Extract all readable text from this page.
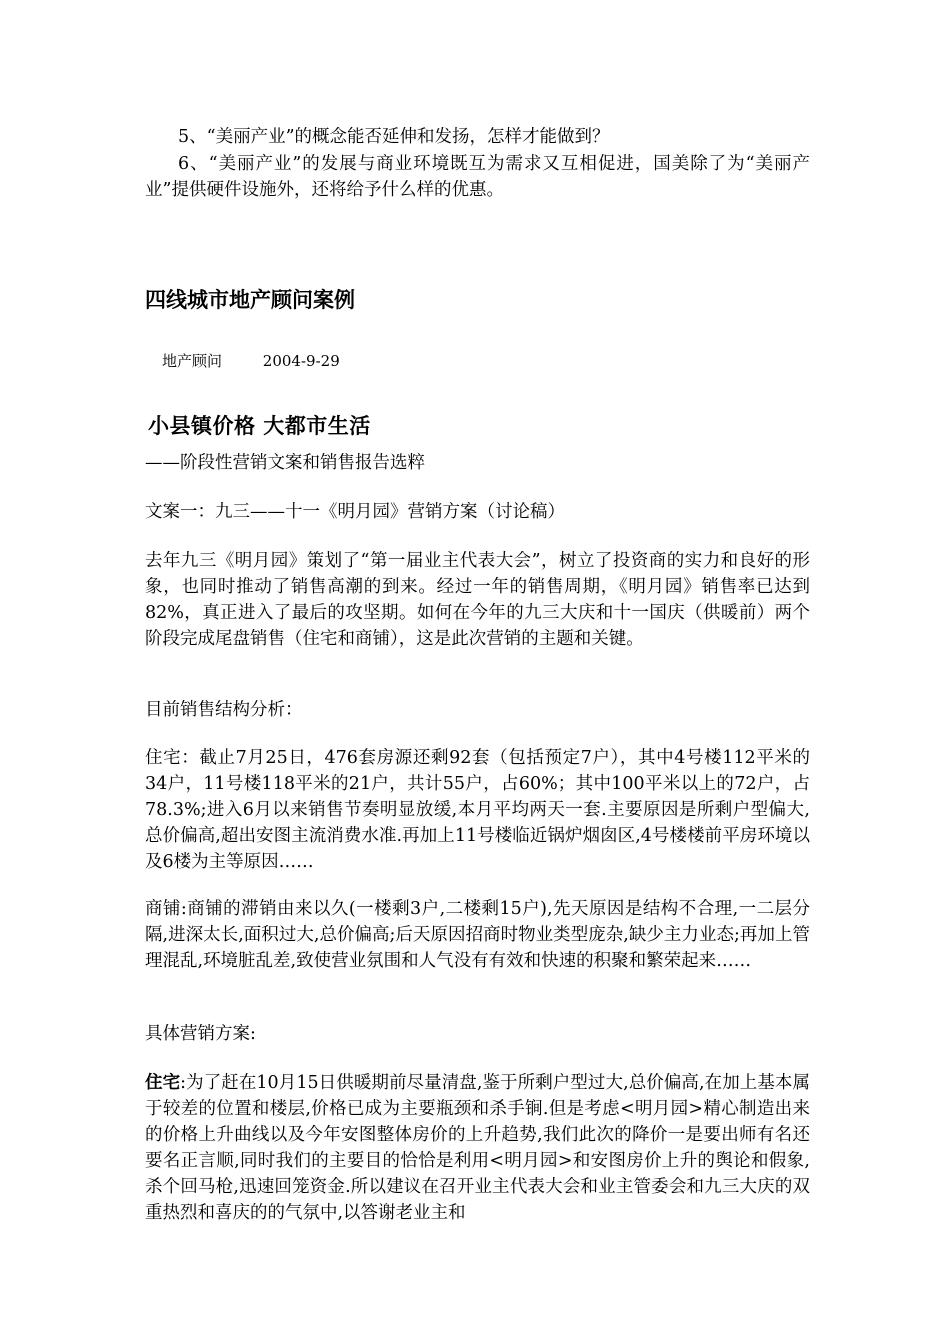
5、“美丽产业”的概念能否延伸和发扬，怎样才能做到？
6、“美丽产业”的发展与商业环境既互为需求又互相促进，国美除了为“美丽产业”提供硬件设施外，还将给予什么样的优惠。
四线城市地产顾问案例
地产顾问	2004-9-29
小县镇价格 大都市生活
——阶段性营销文案和销售报告选粹
文案一：九三——十一《明月园》营销方案（讨论稿）
去年九三《明月园》策划了“第一届业主代表大会”，树立了投资商的实力和良好的形象，也同时推动了销售高潮的到来。经过一年的销售周期，《明月园》销售率已达到82%，真正进入了最后的攻坚期。如何在今年的九三大庆和十一国庆（供暖前）两个阶段完成尾盘销售（住宅和商铺），这是此次营销的主题和关键。
目前销售结构分析：
住宅：截止7月25日，476套房源还剩92套（包括预定7户），其中4号楼112平米的34户，11号楼118平米的21户，共计55户，占60%；其中100平米以上的72户，占78.3%;进入6月以来销售节奏明显放缓,本月平均两天一套.主要原因是所剩户型偏大,总价偏高,超出安图主流消费水准.再加上11号楼临近锅炉烟囱区,4号楼楼前平房环境以及6楼为主等原因……
商铺:商铺的滞销由来以久(一楼剩3户,二楼剩15户),先天原因是结构不合理,一二层分隔,进深太长,面积过大,总价偏高;后天原因招商时物业类型庞杂,缺少主力业态;再加上管理混乱,环境脏乱差,致使营业氛围和人气没有有效和快速的积聚和繁荣起来……
具体营销方案:
住宅:为了赶在10月15日供暖期前尽量清盘,鉴于所剩户型过大,总价偏高,在加上基本属于较差的位置和楼层,价格已成为主要瓶颈和杀手锏.但是考虑<明月园>精心制造出来的价格上升曲线以及今年安图整体房价的上升趋势,我们此次的降价一是要出师有名还要名正言顺,同时我们的主要目的恰恰是利用<明月园>和安图房价上升的舆论和假象,杀个回马枪,迅速回笼资金.所以建议在召开业主代表大会和业主管委会和九三大庆的双重热烈和喜庆的的气氛中,以答谢老业主和
